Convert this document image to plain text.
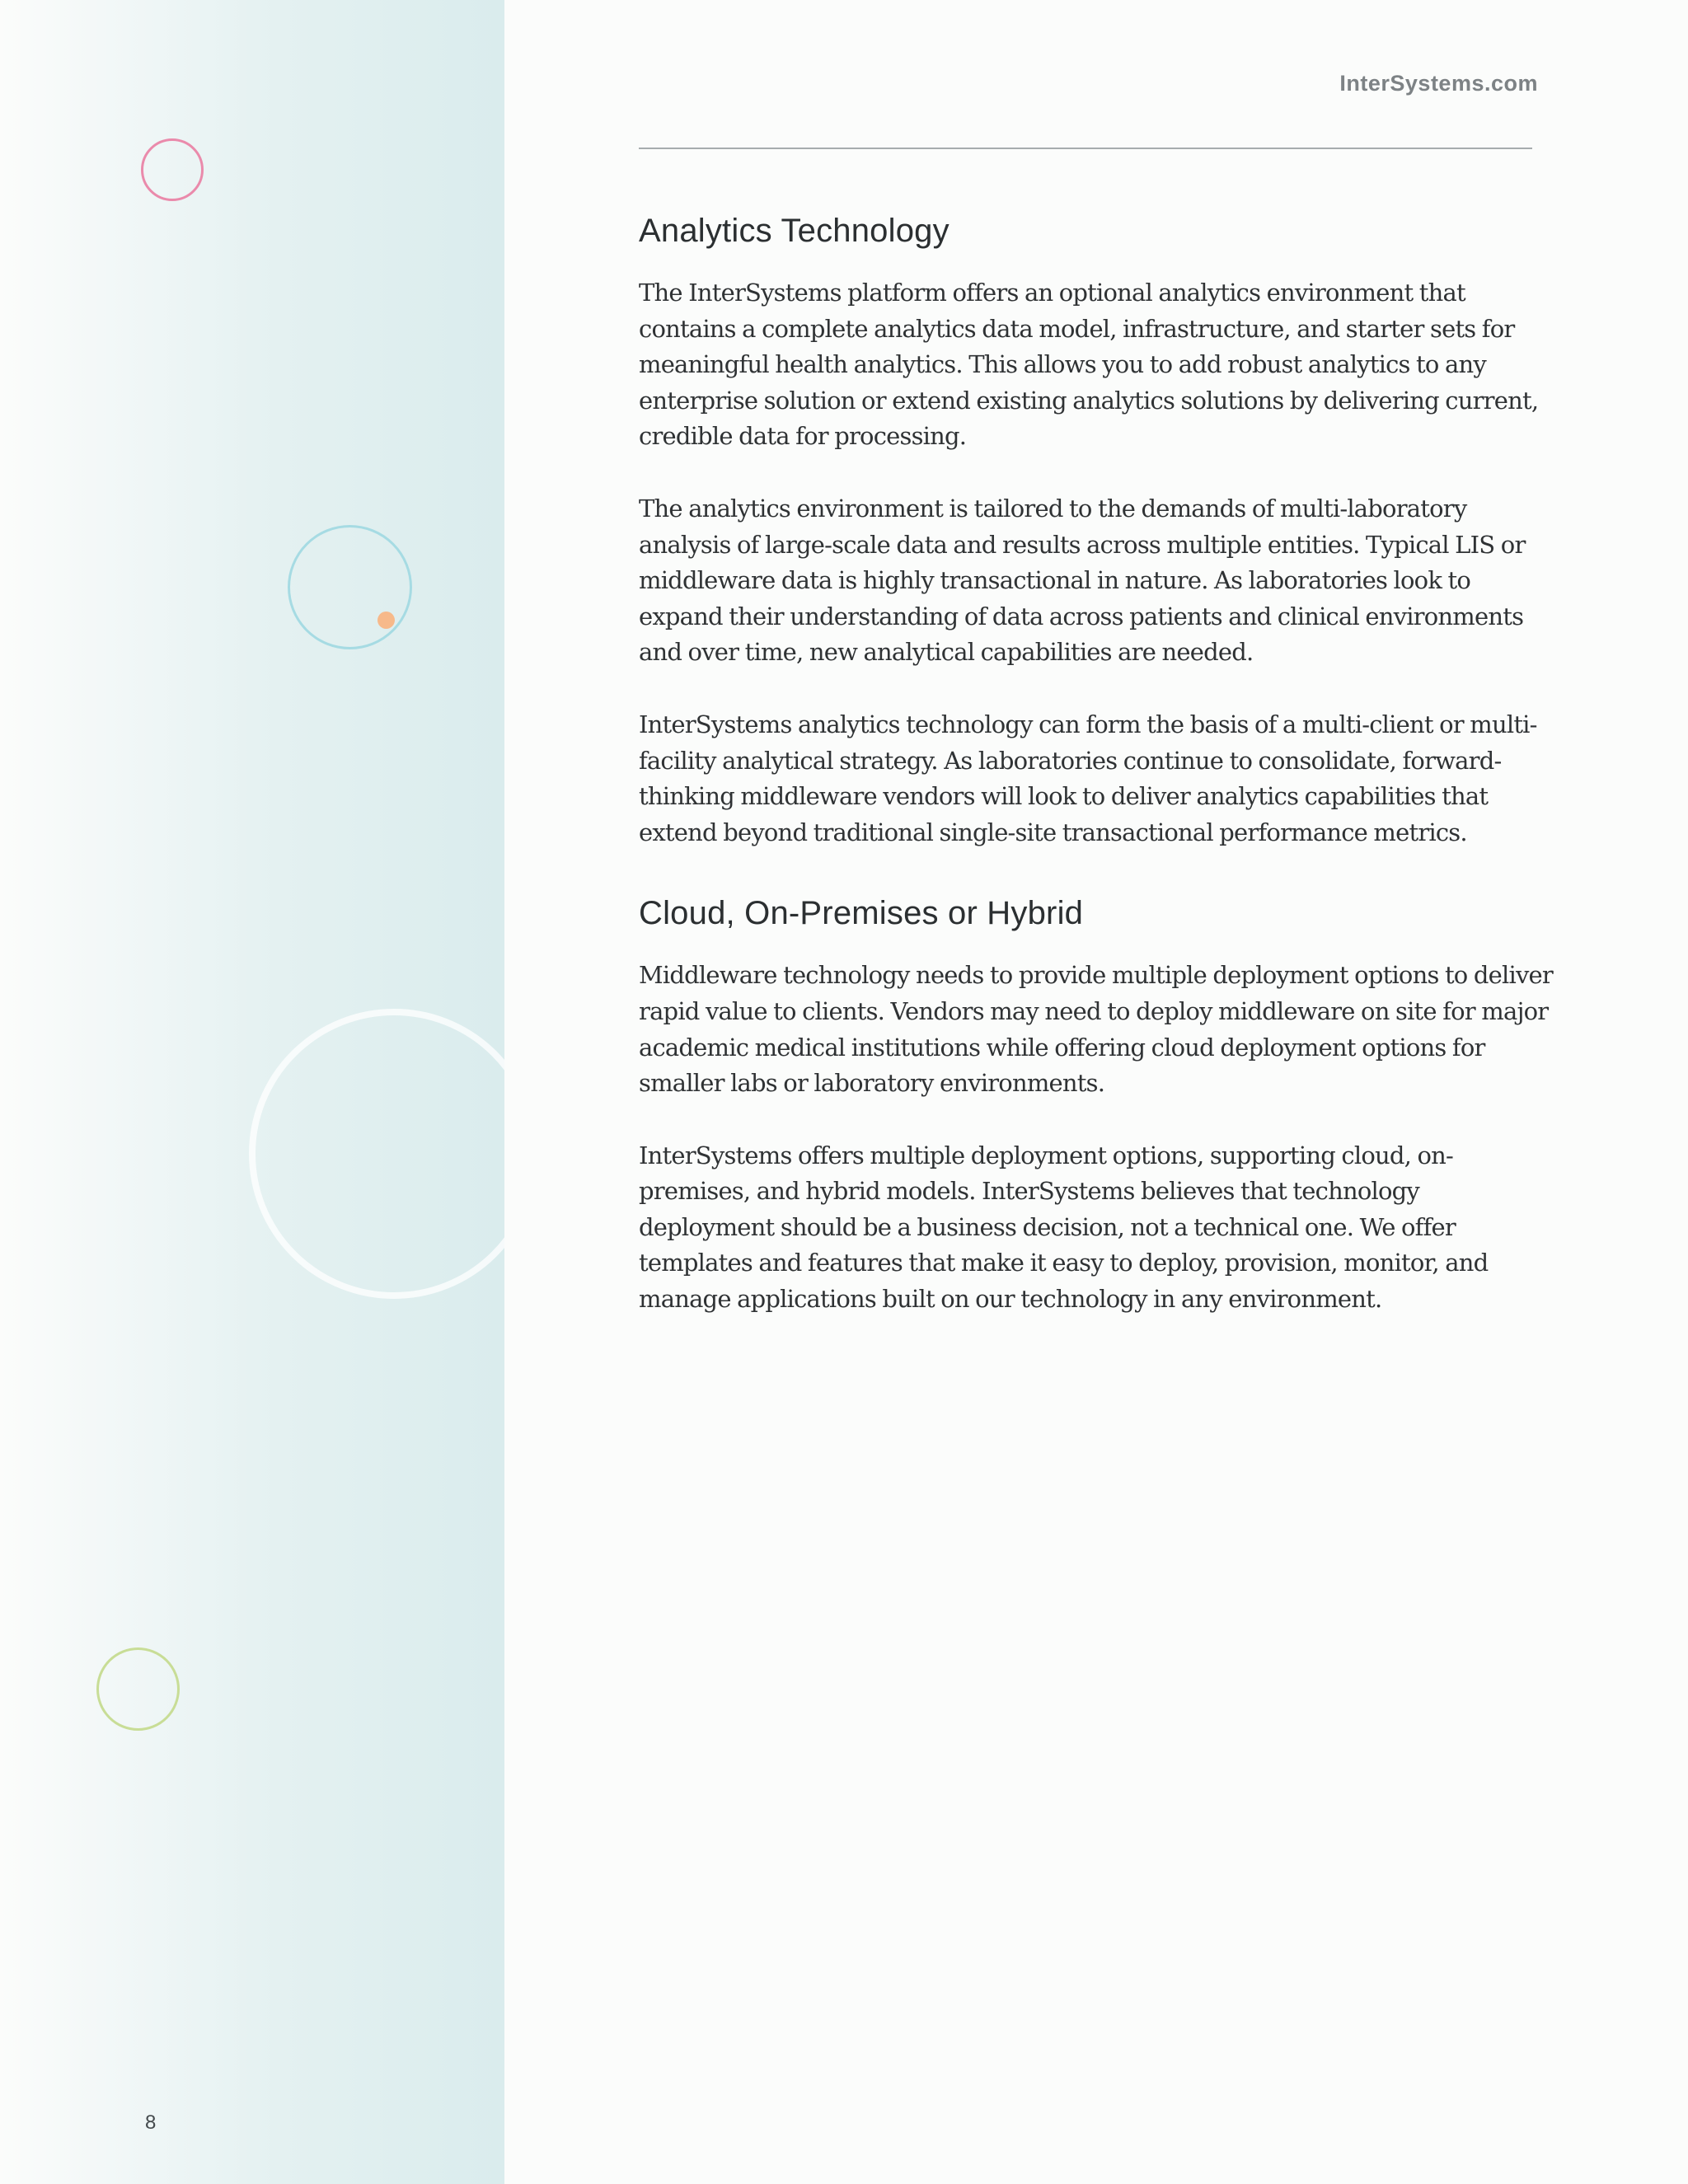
8
InterSystems.com
Analytics Technology

The InterSystems platform offers an optional analytics environment that contains a complete analytics data model, infrastructure, and starter sets for meaningful health analytics. This allows you to add robust analytics to any enterprise solution or extend existing analytics solutions by delivering current, credible data for processing.

The analytics environment is tailored to the demands of multi-laboratory analysis of large-scale data and results across multiple entities. Typical LIS or middleware data is highly transactional in nature. As laboratories look to expand their understanding of data across patients and clinical environments and over time, new analytical capabilities are needed.

InterSystems analytics technology can form the basis of a multi-client or multi-facility analytical strategy. As laboratories continue to consolidate, forward-thinking middleware vendors will look to deliver analytics capabilities that extend beyond traditional single-site transactional performance metrics.

Cloud, On-Premises or Hybrid

Middleware technology needs to provide multiple deployment options to deliver rapid value to clients. Vendors may need to deploy middleware on site for major academic medical institutions while offering cloud deployment options for smaller labs or laboratory environments.

InterSystems offers multiple deployment options, supporting cloud, on-premises, and hybrid models. InterSystems believes that technology deployment should be a business decision, not a technical one. We offer templates and features that make it easy to deploy, provision, monitor, and manage applications built on our technology in any environment.
